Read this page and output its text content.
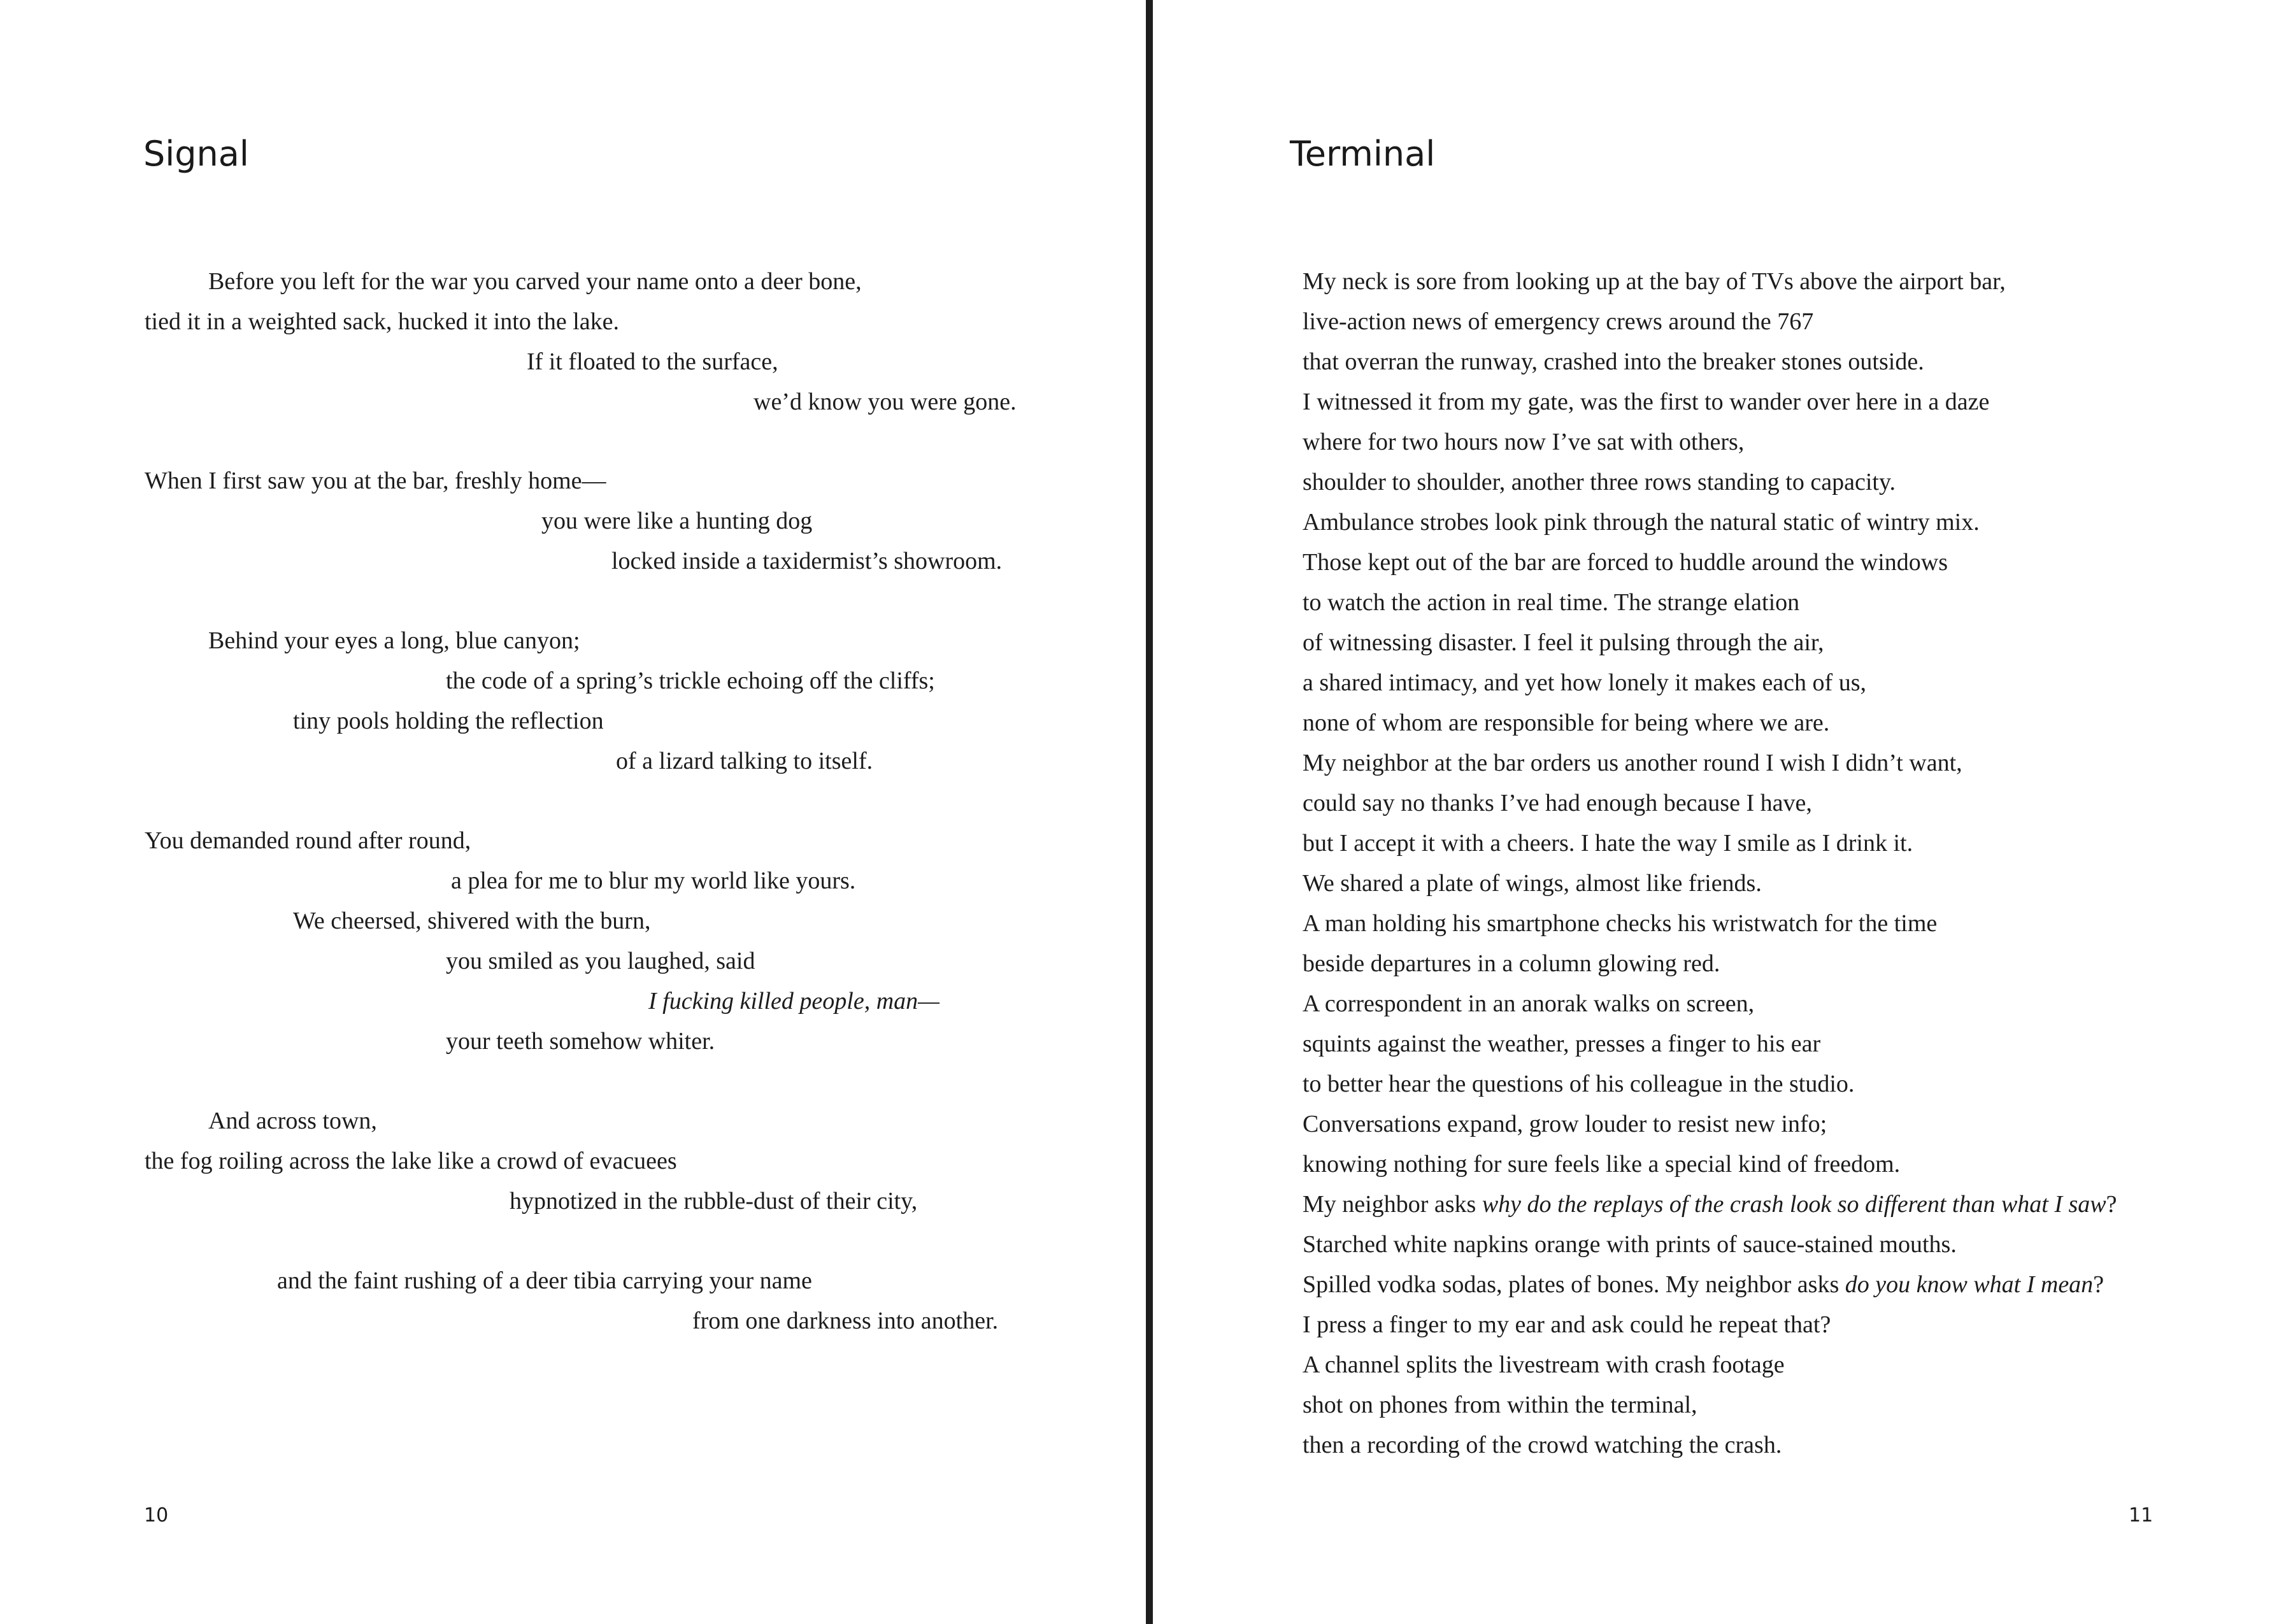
Signal
Before you left for the war you carved your name onto a deer bone,
tied it in a weighted sack, hucked it into the lake.
If it floated to the surface,
we’d know you were gone.
When I first saw you at the bar, freshly home—
you were like a hunting dog
locked inside a taxidermist’s showroom.
Behind your eyes a long, blue canyon;
the code of a spring’s trickle echoing off the cliffs;
tiny pools holding the reflection
of a lizard talking to itself.
You demanded round after round,
a plea for me to blur my world like yours.
We cheersed, shivered with the burn,
you smiled as you laughed, said
I fucking killed people, man—
your teeth somehow whiter.
And across town,
the fog roiling across the lake like a crowd of evacuees
hypnotized in the rubble-dust of their city,
and the faint rushing of a deer tibia carrying your name
from one darkness into another.
10
Terminal
My neck is sore from looking up at the bay of TVs above the airport bar,
live-action news of emergency crews around the 767
that overran the runway, crashed into the breaker stones outside.
I witnessed it from my gate, was the first to wander over here in a daze
where for two hours now I’ve sat with others,
shoulder to shoulder, another three rows standing to capacity.
Ambulance strobes look pink through the natural static of wintry mix.
Those kept out of the bar are forced to huddle around the windows
to watch the action in real time. The strange elation
of witnessing disaster. I feel it pulsing through the air,
a shared intimacy, and yet how lonely it makes each of us,
none of whom are responsible for being where we are.
My neighbor at the bar orders us another round I wish I didn’t want,
could say no thanks I’ve had enough because I have,
but I accept it with a cheers. I hate the way I smile as I drink it.
We shared a plate of wings, almost like friends.
A man holding his smartphone checks his wristwatch for the time
beside departures in a column glowing red.
A correspondent in an anorak walks on screen,
squints against the weather, presses a finger to his ear
to better hear the questions of his colleague in the studio.
Conversations expand, grow louder to resist new info;
knowing nothing for sure feels like a special kind of freedom.
My neighbor asks why do the replays of the crash look so different than what I saw?
Starched white napkins orange with prints of sauce-stained mouths.
Spilled vodka sodas, plates of bones. My neighbor asks do you know what I mean?
I press a finger to my ear and ask could he repeat that?
A channel splits the livestream with crash footage
shot on phones from within the terminal,
then a recording of the crowd watching the crash.
11
